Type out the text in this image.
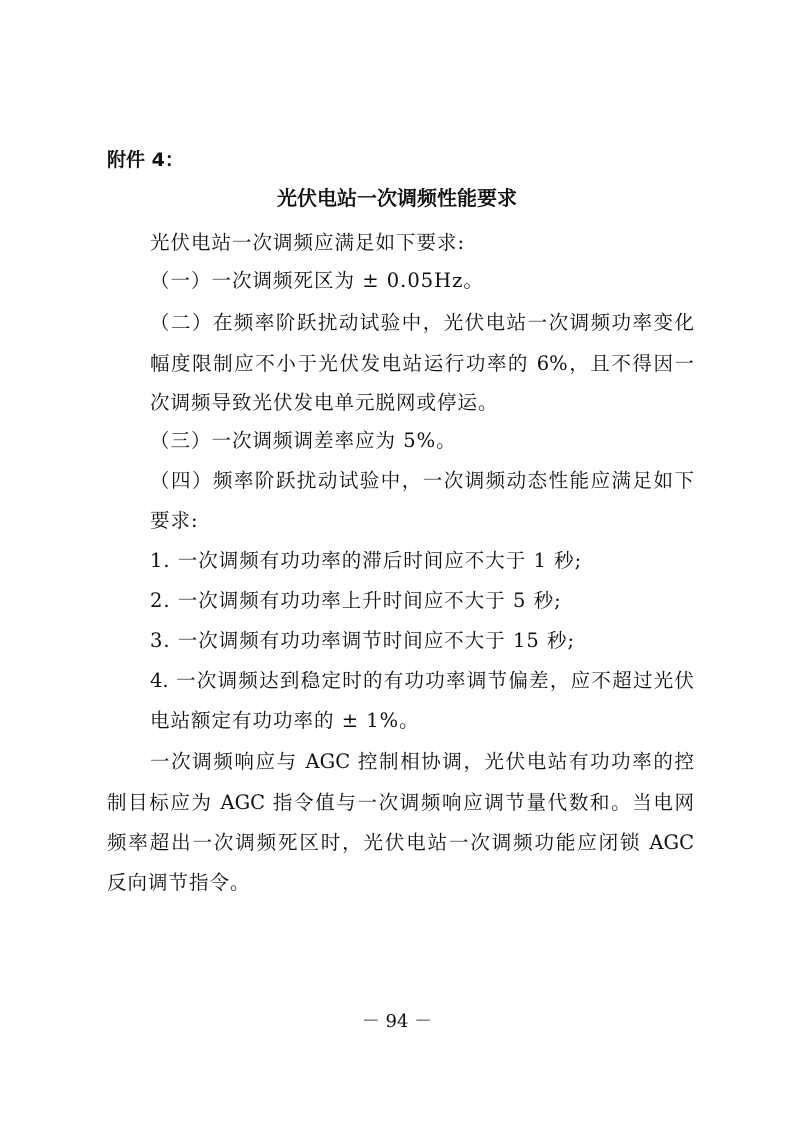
附件 4：
光伏电站一次调频性能要求
光伏电站一次调频应满足如下要求:
（一）一次调频死区为 ± 0.05Hz。
（二）在频率阶跃扰动试验中，光伏电站一次调频功率变化
幅度限制应不小于光伏发电站运行功率的 6%，且不得因一
次调频导致光伏发电单元脱网或停运。
（三）一次调频调差率应为 5%。
（四）频率阶跃扰动试验中，一次调频动态性能应满足如下
要求:
1. 一次调频有功功率的滞后时间应不大于 1 秒;
2. 一次调频有功功率上升时间应不大于 5 秒;
3. 一次调频有功功率调节时间应不大于 15 秒;
4. 一次调频达到稳定时的有功功率调节偏差，应不超过光伏
电站额定有功功率的 ± 1%。
一次调频响应与 AGC 控制相协调，光伏电站有功功率的控
制目标应为 AGC 指令值与一次调频响应调节量代数和。当电网
频率超出一次调频死区时，光伏电站一次调频功能应闭锁 AGC
反向调节指令。
－ 94 －
